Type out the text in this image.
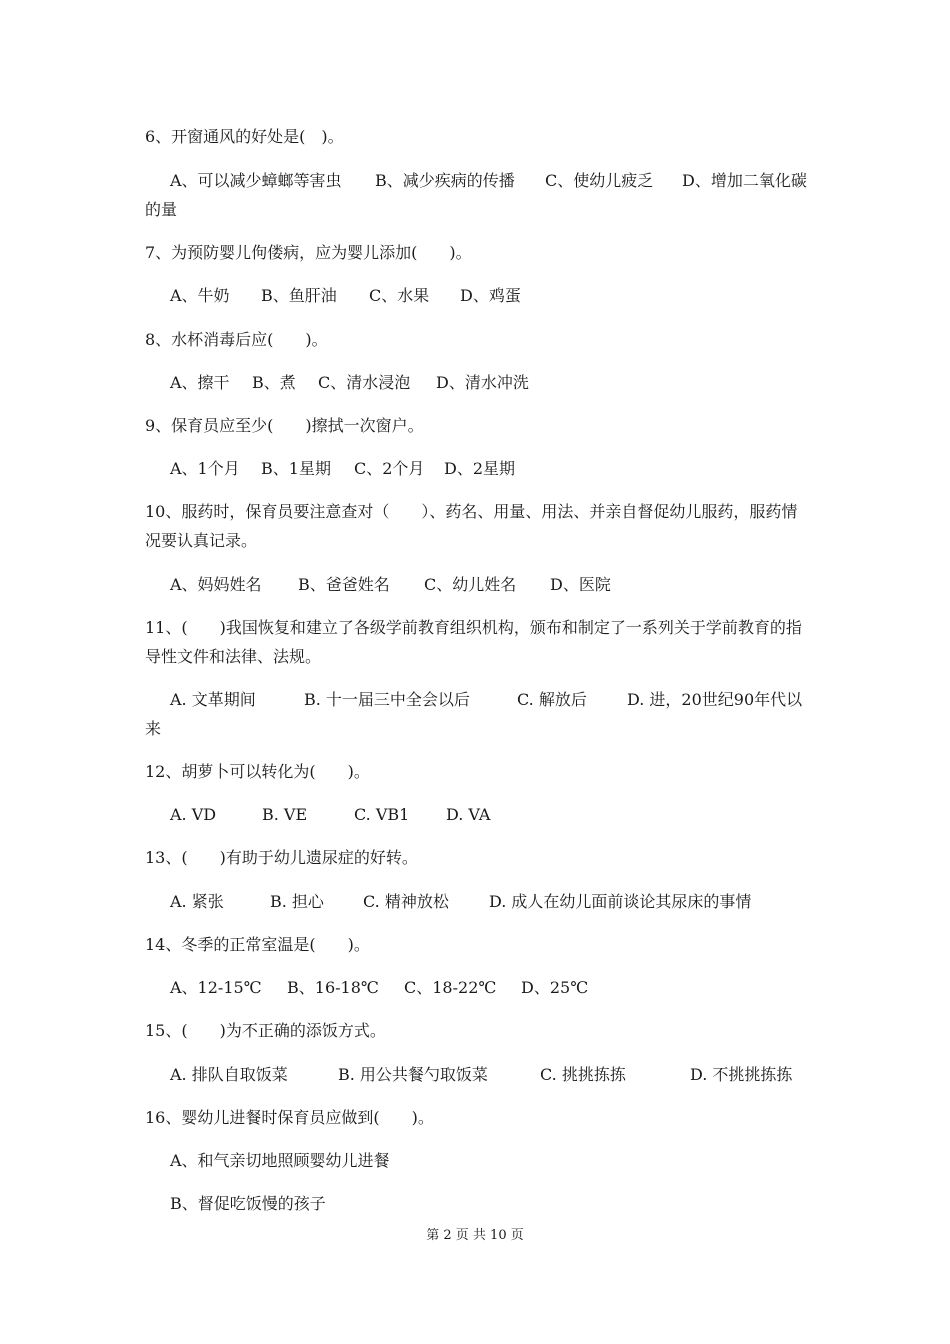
6、开窗通风的好处是(　)。
A、可以减少蟑螂等害虫 B、减少疾病的传播 C、使幼儿疲乏 D、增加二氧化碳
的量
7、为预防婴儿佝偻病，应为婴儿添加(　　)。
A、牛奶 B、鱼肝油 C、水果 D、鸡蛋
8、水杯消毒后应(　　)。
A、擦干 B、煮 C、清水浸泡 D、清水冲洗
9、保育员应至少(　　)擦拭一次窗户。
A、1个月 B、1星期 C、2个月 D、2星期
10、服药时，保育员要注意查对（　　）、药名、用量、用法、并亲自督促幼儿服药，服药情况要认真记录。
A、妈妈姓名 B、爸爸姓名 C、幼儿姓名 D、医院
11、(　　)我国恢复和建立了各级学前教育组织机构，颁布和制定了一系列关于学前教育的指导性文件和法律、法规。
A. 文革期间	B. 十一届三中全会以后	C. 解放后	D. 进，20世纪90年代以
来
12、胡萝卜可以转化为(　　)。
A. VD	B. VE	C. VB1 D. VA
13、(　　)有助于幼儿遗尿症的好转。
A. 紧张	B. 担心 C. 精神放松	D. 成人在幼儿面前谈论其尿床的事情
14、冬季的正常室温是(　　)。
A、12-15℃ B、16-18℃ C、18-22℃ D、25℃
15、(　　)为不正确的添饭方式。
A. 排队自取饭菜	B. 用公共餐勺取饭菜	C. 挑挑拣拣	D. 不挑挑拣拣
16、婴幼儿进餐时保育员应做到(　　)。
A、和气亲切地照顾婴幼儿进餐
B、督促吃饭慢的孩子
第 2 页 共 10 页
